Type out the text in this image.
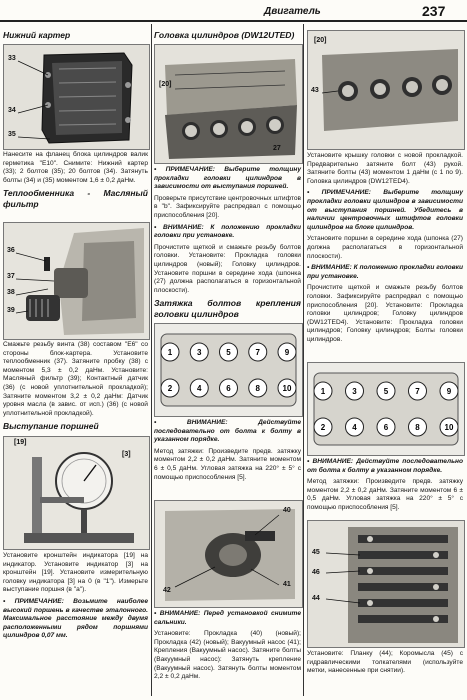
Двигатель	237
Нижний картер
33
34
35

Нанесите на фланец блока цилиндров валик герметика "E10". Снимите: Нижний картер (33); 2 болтов (35); 20 болтов (34). Затянуть болты (34) и (35) моментом 1,6 ± 0,2 даНм.

Теплообменника - Масляный фильтр
36
37
38
39

Смажьте резьбу винта (38) составом "E6" со стороны блок-картера. Установите теплообменник (37). Затяните пробку (38) с моментом 5,3 ± 0,2 даНм. Установите: Масляный фильтр (39); Контактный датчик (36) (с новой уплотнительной прокладкой); Затяните моментом 3,2 ± 0,2 даНм: Датчик уровня масла (в завис. от исп.) (36) (с новой уплотнительной прокладкой).

Выступание поршней
[19]
[3]

Установите кронштейн индикатора [19] на индикатор. Установите индикатор [3] на кронштейн [19]. Установите измерительную головку индикатора [3] на 0 (в "1"). Измерьте выступание поршня (в "a").

• ПРИМЕЧАНИЕ: Возьмите наиболее высокий поршень в качестве эталонного. Максимальное расстояние между двумя расположенными рядом поршнями цилиндров 0,07 мм.

Головка цилиндров (DW12UTED)
[20]
27

• ПРИМЕЧАНИЕ: Выберите толщину прокладки головки цилиндров в зависимости от выступания поршней.

Проверьте присутствие центровочных штифтов в "b". Зафиксируйте распредвал с помощью приспособления [20].

• ВНИМАНИЕ: К положению прокладки головки при установке.

Прочистите щеткой и смажьте резьбу болтов головки. Установите: Прокладка головки цилиндров (новый); Головку цилиндров. Установите поршни в середине хода (шпонка (27) должна располагаться в горизонтальной плоскости).

Затяжка болтов крепления головки цилиндров
1
2
3
4
5
6
7
8
9
10

• ВНИМАНИЕ: Действуйте последовательно от болта к болту в указанном порядке.

Метод затяжки: Произведите предв. затяжку моментом 2,2 ± 0,2 даНм. Затяните моментом 6 ± 0,5 даНм. Угловая затяжка на 220° ± 5° с помощью приспособления [5].

40
41
42

• ВНИМАНИЕ: Перед установкой снимите сальники.

Установите: Прокладка (40) (новый); Прокладка (42) (новый); Вакуумный насос (41); Крепления (Вакуумный насос). Затяните болты (Вакуумный насос): Затянуть крепление (Вакуумный насос). Затянуть болты моментом 2,2 ± 0,2 даНм.

43
[20]

Установите крышку головки с новой прокладкой. Предварительно затяните болт (43) рукой. Затяните болты (43) моментом 1 даНм (с 1 по 9). Головка цилиндров (DW12TED4).

• ПРИМЕЧАНИЕ: Выберите толщину прокладки головки цилиндров в зависимости от выступания поршней. Убедитесь в наличии центровочных штифтов головки цилиндров на блоке цилиндров.

Установите поршни в середине хода (шпонка (27) должна располагаться в горизонтальной плоскости).

• ВНИМАНИЕ: К положению прокладки головки при установке.

Прочистите щеткой и смажьте резьбу болтов головки. Зафиксируйте распредвал с помощью приспособления [20]. Установите: Прокладка головки цилиндров; Головку цилиндров (DW12TED4). Установите: Прокладка головки цилиндров; Головку цилиндров; Болты головки цилиндров.

1
2
3
4
5
6
7
8
9
10

• ВНИМАНИЕ: Действуйте последовательно от болта к болту в указанном порядке.

Метод затяжки: Произведите предв. затяжку моментом 2,2 ± 0,2 даНм. Затяните моментом 6 ± 0,5 даНм. Угловая затяжка на 220° ± 5° с помощью приспособления [5].

45
46
44

Установите: Планку (44); Коромысла (45) с гидравлическими толкателями (используйте метки, нанесенные при снятии).
